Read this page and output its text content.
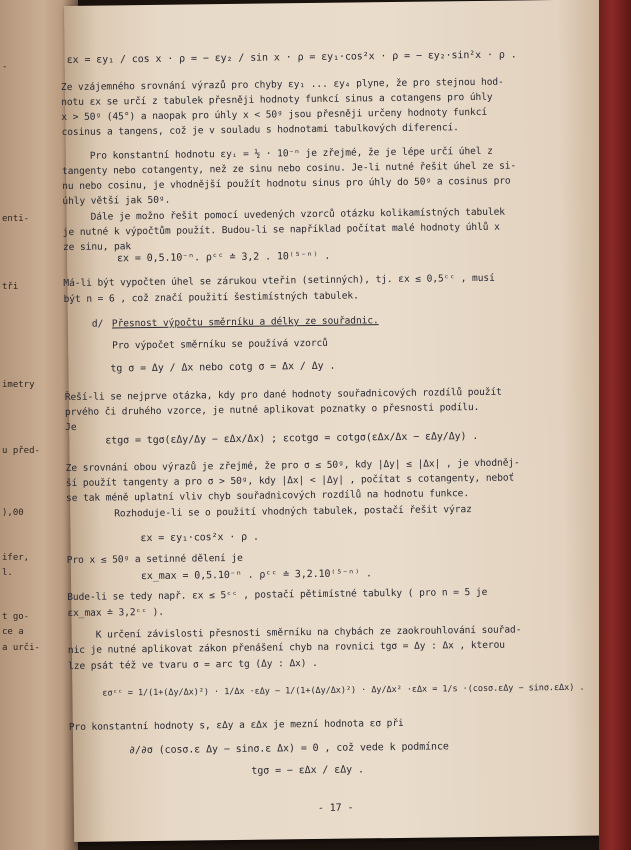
-
enti-
tři
imetry
u před-
),00
ifer,
l.
t go-
ce a
a urči-
εx = εy₁ / cos x · ρ = − εy₂ / sin x · ρ = εy₁·cos²x · ρ = − εy₂·sin²x · ρ .
Ze vzájemného srovnání výrazů pro chyby εy₁ ... εy₄ plyne, že pro stejnou hod-
notu εx se určí z tabulek přesněji hodnoty funkcí sinus a cotangens pro úhly
x > 50ᵍ (45°) a naopak pro úhly x < 50ᵍ jsou přesněji určeny hodnoty funkcí
cosinus a tangens, což je v souladu s hodnotami tabulkových diferencí.
Pro konstantní hodnotu εyᵢ = ½ · 10⁻ⁿ je zřejmé, že je lépe určí úhel z
tangenty nebo cotangenty, než ze sinu nebo cosinu. Je-li nutné řešit úhel ze si-
nu nebo cosinu, je vhodnější použít hodnotu sinus pro úhly do 50ᵍ a cosinus pro
úhly větší jak 50ᵍ.
Dále je možno řešit pomocí uvedených vzorců otázku kolikamístných tabulek
je nutné k výpočtům použít. Budou-li se například počítat malé hodnoty úhlů x
ze sinu, pak
εx = 0,5.10⁻ⁿ. ρᶜᶜ ≐ 3,2 . 10⁽⁵⁻ⁿ⁾ .
Má-li být vypočten úhel se zárukou vteřin (setinných), tj. εx ≤ 0,5ᶜᶜ , musí
být n = 6 , což značí použití šestimístných tabulek.
d/ Přesnost výpočtu směrníku a délky ze souřadnic.
Pro výpočet směrníku se používá vzorců
tg σ = Δy / Δx nebo cotg σ = Δx / Δy .
Řeší-li se nejprve otázka, kdy pro dané hodnoty souřadnicových rozdílů použít
prvého či druhého vzorce, je nutné aplikovat poznatky o přesnosti podílu.
Je
εtgσ = tgσ(εΔy/Δy − εΔx/Δx) ; εcotgσ = cotgσ(εΔx/Δx − εΔy/Δy) .
Ze srovnání obou výrazů je zřejmé, že pro σ ≤ 50ᵍ, kdy |Δy| ≤ |Δx| , je vhodněj-
ší použít tangenty a pro σ > 50ᵍ, kdy |Δx| < |Δy| , počítat s cotangenty, neboť
se tak méně uplatní vliv chyb souřadnicových rozdílů na hodnotu funkce.
Rozhoduje-li se o použití vhodných tabulek, postačí řešit výraz
εx = εy₁·cos²x · ρ .
Pro x ≤ 50ᵍ a setinné dělení je
εx_max = 0,5.10⁻ⁿ . ρᶜᶜ ≐ 3,2.10⁽⁵⁻ⁿ⁾ .
Bude-li se tedy např. εx ≤ 5ᶜᶜ , postačí pětimístné tabulky ( pro n = 5 je
εx_max ≐ 3,2ᶜᶜ ).
K určení závislosti přesnosti směrníku na chybách ze zaokrouhlování souřad-
nic je nutné aplikovat zákon přenášení chyb na rovnici tgσ = Δy : Δx , kterou
lze psát též ve tvaru σ = arc tg (Δy : Δx) .
εσᶜᶜ = 1/(1+(Δy/Δx)²) · 1/Δx ·εΔy − 1/(1+(Δy/Δx)²) · Δy/Δx² ·εΔx = 1/s ·(cosσ.εΔy − sinσ.εΔx) .
Pro konstantní hodnoty s, εΔy a εΔx je mezní hodnota εσ při
∂/∂σ (cosσ.ε Δy − sinσ.ε Δx) = 0 , což vede k podmínce
tgσ = − εΔx / εΔy .
- 17 -
